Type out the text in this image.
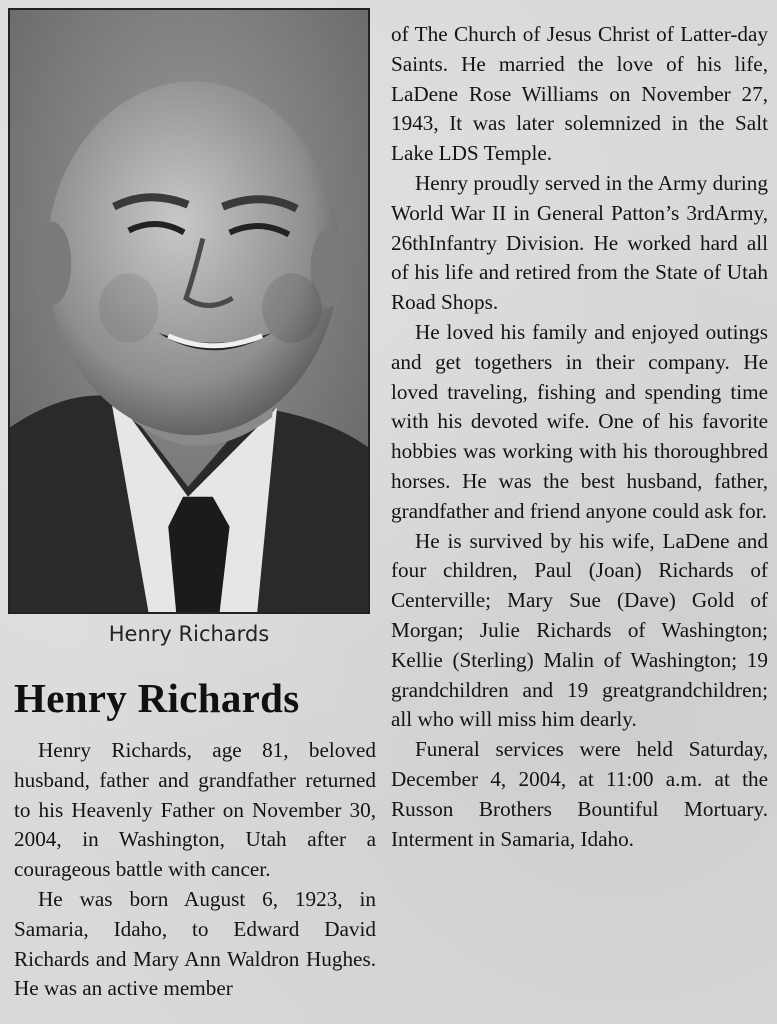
Henry Richards
Henry Richards

Henry Richards, age 81, beloved husband, father and grandfather returned to his Heavenly Father on November 30, 2004, in Washington, Utah after a courageous battle with cancer.

He was born August 6, 1923, in Samaria, Idaho, to Edward David Richards and Mary Ann Waldron Hughes. He was an active member

of The Church of Jesus Christ of Latter-day Saints. He married the love of his life, LaDene Rose Williams on November 27, 1943, It was later solemnized in the Salt Lake LDS Temple.

Henry proudly served in the Army during World War II in General Patton’s 3rdArmy, 26thInfantry Division. He worked hard all of his life and retired from the State of Utah Road Shops.

He loved his family and enjoyed outings and get togethers in their company. He loved traveling, fishing and spending time with his devoted wife. One of his favorite hobbies was working with his thoroughbred horses. He was the best husband, father, grandfather and friend anyone could ask for.

He is survived by his wife, LaDene and four children, Paul (Joan) Richards of Centerville; Mary Sue (Dave) Gold of Morgan; Julie Richards of Washington; Kellie (Sterling) Malin of Washington; 19 grandchildren and 19 greatgrandchildren; all who will miss him dearly.

Funeral services were held Saturday, December 4, 2004, at 11:00 a.m. at the Russon Brothers Bountiful Mortuary. Interment in Samaria, Idaho.
